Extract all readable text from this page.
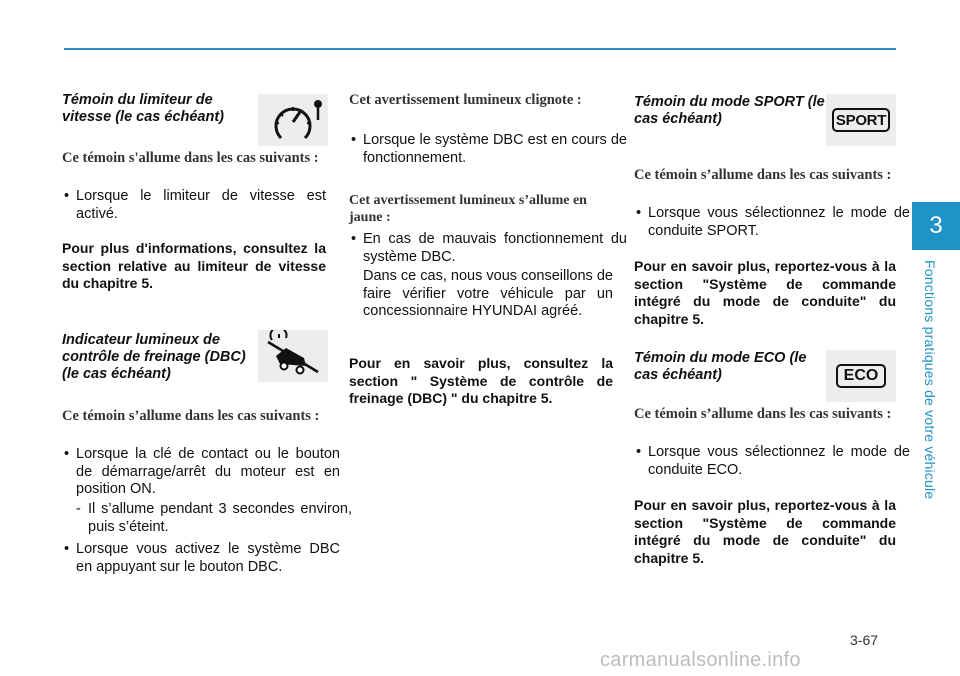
3
Fonctions pratiques de votre véhicule

Témoin du limiteur de vitesse (le cas échéant)

Ce témoin s'allume dans les cas suivants :

• Lorsque le limiteur de vitesse est activé.

Pour plus d'informations, consultez la section relative au limiteur de vitesse du chapitre 5.

Indicateur lumineux de contrôle de freinage (DBC) (le cas échéant)

Ce témoin s’allume dans les cas suivants :

• Lorsque la clé de contact ou le bouton de démarrage/arrêt du moteur est en position ON.

- Il s’allume pendant 3 secondes environ, puis s’éteint.

• Lorsque vous activez le système DBC en appuyant sur le bouton DBC.

Cet avertissement lumineux clignote :

• Lorsque le système DBC est en cours de fonctionnement.

Cet avertissement lumineux s’allume en jaune :

• En cas de mauvais fonctionnement du système DBC.

Dans ce cas, nous vous conseillons de faire vérifier votre véhicule par un concessionnaire HYUNDAI agréé.

Pour en savoir plus, consultez la section " Système de contrôle de freinage (DBC) " du chapitre 5.

Témoin du mode SPORT (le cas échéant)	SPORT

Ce témoin s’allume dans les cas suivants :

• Lorsque vous sélectionnez le mode de conduite SPORT.

Pour en savoir plus, reportez-vous à la section "Système de commande intégré du mode de conduite" du chapitre 5.

Témoin du mode ECO (le cas échéant)	ECO

Ce témoin s’allume dans les cas suivants :

• Lorsque vous sélectionnez le mode de conduite ECO.

Pour en savoir plus, reportez-vous à la section "Système de commande intégré du mode de conduite" du chapitre 5.

3-67
carmanualsonline.info
